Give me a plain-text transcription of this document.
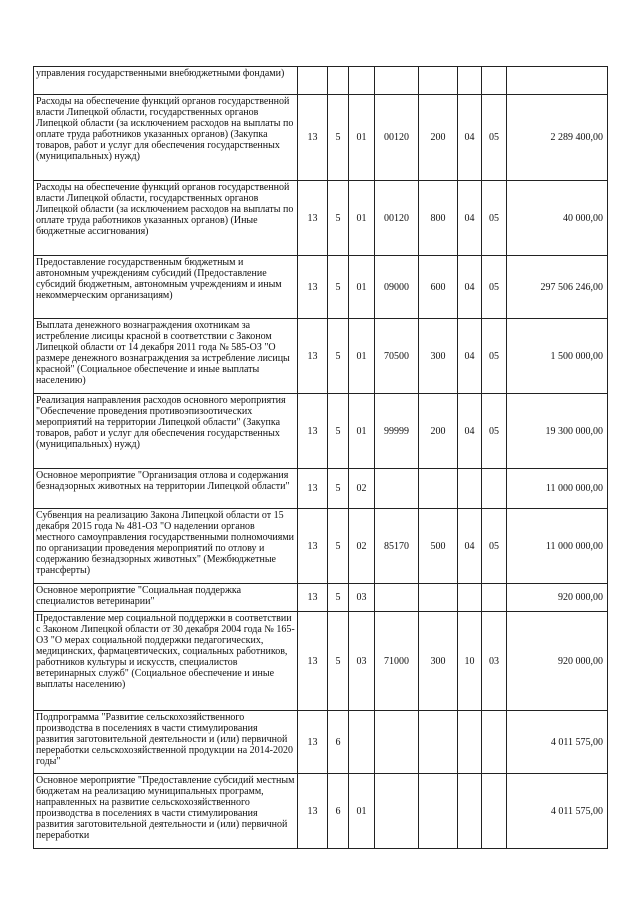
управления государственными внебюджетными фондами)								
Расходы на обеспечение функций органов государственной власти Липецкой области, государственных органов Липецкой области (за исключением расходов на выплаты по оплате труда работников указанных органов) (Закупка товаров, работ и услуг для обеспечения государственных (муниципальных) нужд)	13	5	01	00120	200	04	05	2 289 400,00
Расходы на обеспечение функций органов государственной власти Липецкой области, государственных органов Липецкой области (за исключением расходов на выплаты по оплате труда работников указанных органов) (Иные бюджетные ассигнования)	13	5	01	00120	800	04	05	40 000,00
Предоставление государственным бюджетным и автономным учреждениям субсидий (Предоставление субсидий бюджетным, автономным учреждениям и иным некоммерческим организациям)	13	5	01	09000	600	04	05	297 506 246,00
Выплата денежного вознаграждения охотникам за истребление лисицы красной в соответствии с Законом Липецкой области от 14 декабря 2011 года № 585-ОЗ "О размере денежного вознаграждения за истребление лисицы красной" (Социальное обеспечение и иные выплаты населению)	13	5	01	70500	300	04	05	1 500 000,00
Реализация направления расходов основного мероприятия "Обеспечение проведения противоэпизоотических мероприятий на территории Липецкой области" (Закупка товаров, работ и услуг для обеспечения государственных (муниципальных) нужд)	13	5	01	99999	200	04	05	19 300 000,00
Основное мероприятие "Организация отлова и содержания безнадзорных животных на территории Липецкой области"	13	5	02					11 000 000,00
Субвенция на реализацию Закона Липецкой области от 15 декабря 2015 года № 481-ОЗ "О наделении органов местного самоуправления государственными полномочиями по организации проведения мероприятий по отлову и содержанию безнадзорных животных" (Межбюджетные трансферты)	13	5	02	85170	500	04	05	11 000 000,00
Основное мероприятие "Социальная поддержка специалистов ветеринарии"	13	5	03					920 000,00
Предоставление мер социальной поддержки в соответствии с Законом Липецкой области от 30 декабря 2004 года № 165-ОЗ "О мерах социальной поддержки педагогических, медицинских, фармацевтических, социальных работников, работников культуры и искусств, специалистов ветеринарных служб" (Социальное обеспечение и иные выплаты населению)	13	5	03	71000	300	10	03	920 000,00
Подпрограмма "Развитие сельскохозяйственного производства в поселениях в части стимулирования развития заготовительной деятельности и (или) первичной переработки сельскохозяйственной продукции на 2014-2020 годы"	13	6						4 011 575,00
Основное мероприятие "Предоставление субсидий местным бюджетам на реализацию муниципальных программ, направленных на развитие сельскохозяйственного производства в поселениях в части стимулирования развития заготовительной деятельности и (или) первичной переработки	13	6	01					4 011 575,00
